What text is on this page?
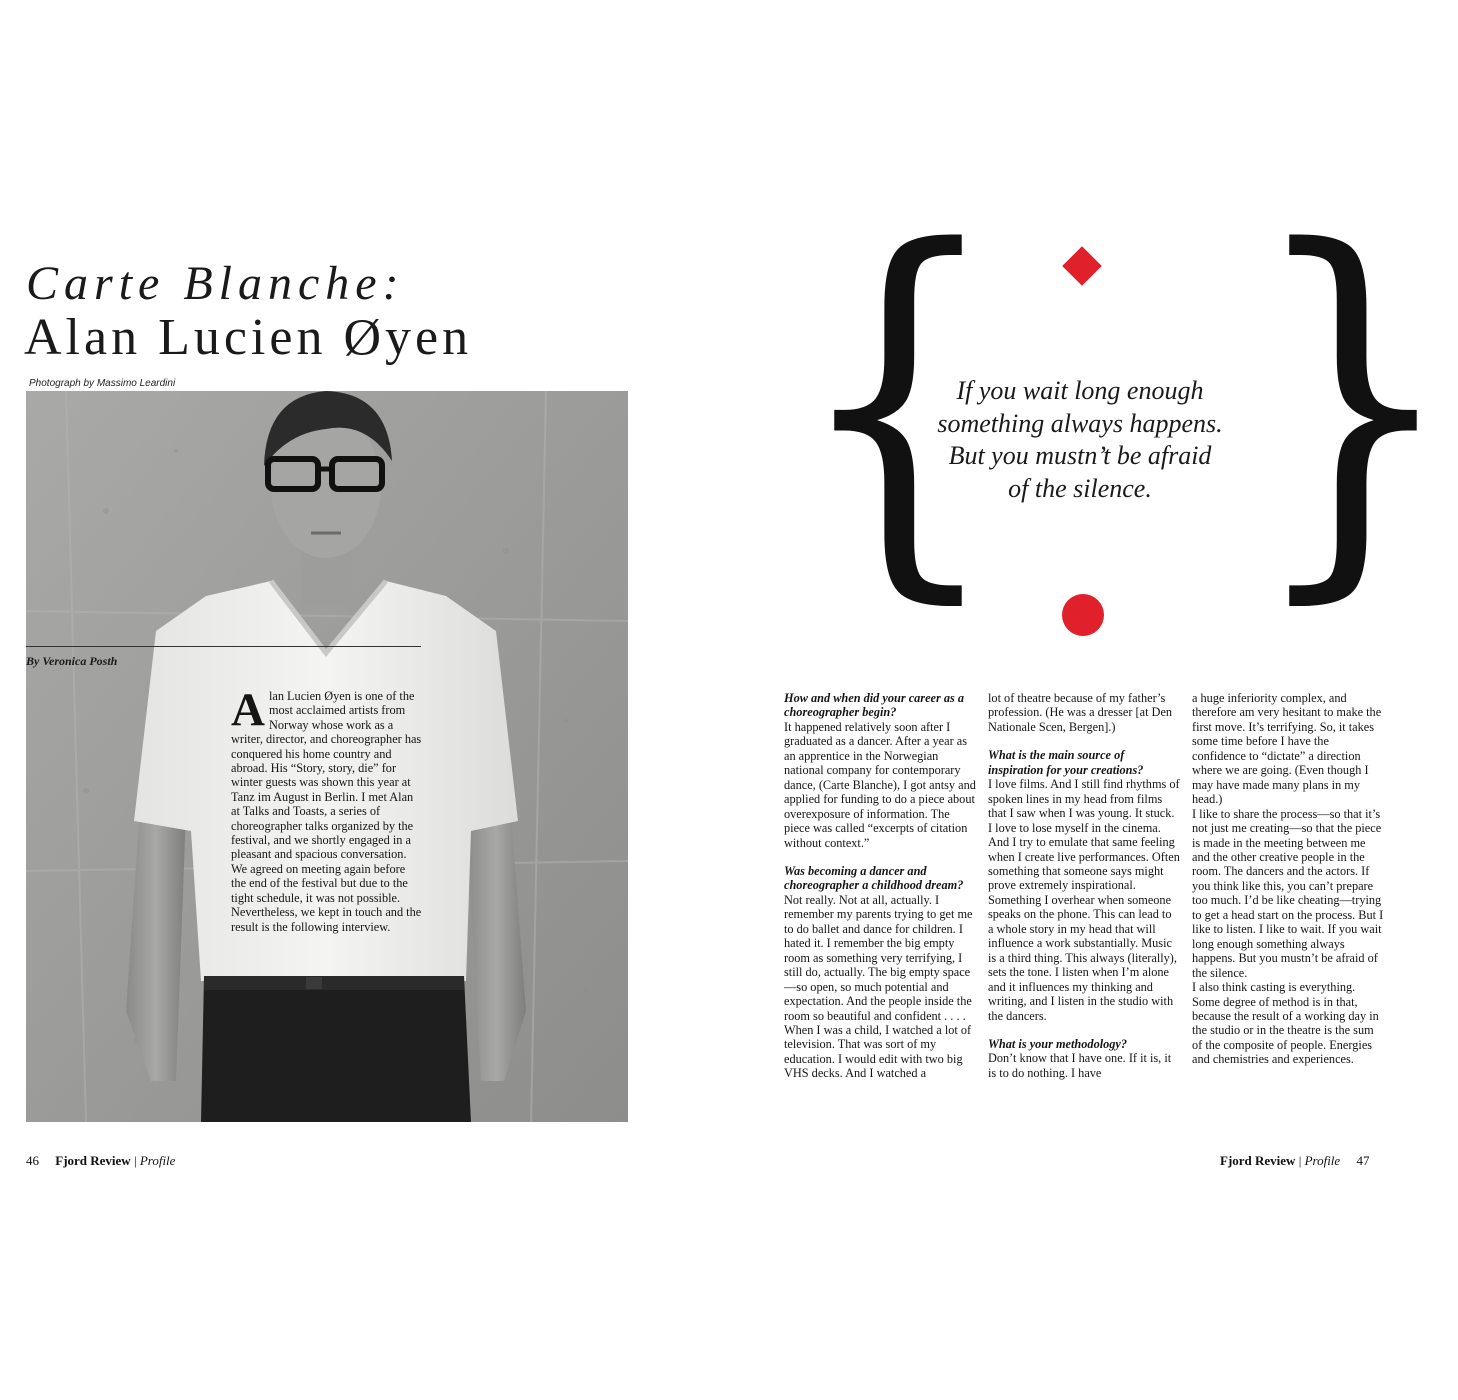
Carte Blanche:
Alan Lucien Øyen
Photograph by Massimo Leardini
By Veronica Posth
Alan Lucien Øyen is one of the most acclaimed artists from Norway whose work as a writer, director, and choreographer has conquered his home country and abroad. His “Story, story, die” for winter guests was shown this year at Tanz im August in Berlin. I met Alan at Talks and Toasts, a series of choreographer talks organized by the festival, and we shortly engaged in a pleasant and spacious conversation. We agreed on meeting again before the end of the festival but due to the tight schedule, it was not possible. Nevertheless, we kept in touch and the result is the following interview.
46 Fjord Review | Profile
{ }
If you wait long enough
something always happens.
But you mustn’t be afraid
of the silence.

How and when did your career as a choreographer begin?

It happened relatively soon after I graduated as a dancer. After a year as an apprentice in the Norwegian national company for contemporary dance, (Carte Blanche), I got antsy and applied for funding to do a piece about overexposure of information. The piece was called “excerpts of citation without context.”

Was becoming a dancer and choreographer a childhood dream?

Not really. Not at all, actually. I remember my parents trying to get me to do ballet and dance for children. I hated it. I remember the big empty room as something very terrifying, I still do, actually. The big empty space—so open, so much potential and expectation. And the people inside the room so beautiful and confident . . . . When I was a child, I watched a lot of television. That was sort of my education. I would edit with two big VHS decks. And I watched a

lot of theatre because of my father’s profession. (He was a dresser [at Den Nationale Scen, Bergen].)

What is the main source of inspiration for your creations?

I love films. And I still find rhythms of spoken lines in my head from films that I saw when I was young. It stuck. I love to lose myself in the cinema. And I try to emulate that same feeling when I create live performances. Often something that someone says might prove extremely inspirational. Something I overhear when someone speaks on the phone. This can lead to a whole story in my head that will influence a work substantially. Music is a third thing. This always (literally), sets the tone. I listen when I’m alone and it influences my thinking and writing, and I listen in the studio with the dancers.

What is your methodology?

Don’t know that I have one. If it is, it is to do nothing. I have

a huge inferiority complex, and therefore am very hesitant to make the first move. It’s terrifying. So, it takes some time before I have the confidence to “dictate” a direction where we are going. (Even though I may have made many plans in my head.)

I like to share the process—so that it’s not just me creating—so that the piece is made in the meeting between me and the other creative people in the room. The dancers and the actors. If you think like this, you can’t prepare too much. I’d be like cheating—trying to get a head start on the process. But I like to listen. I like to wait. If you wait long enough something always happens. But you mustn’t be afraid of the silence.

I also think casting is everything. Some degree of method is in that, because the result of a working day in the studio or in the theatre is the sum of the composite of people. Energies and chemistries and experiences.

Fjord Review | Profile 47
